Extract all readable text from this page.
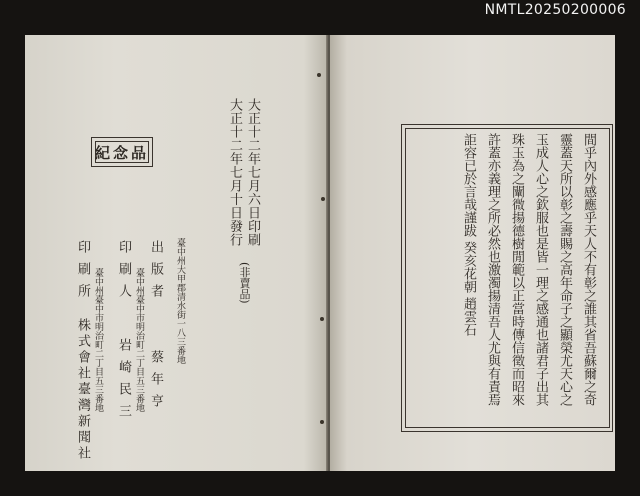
NMTL20250200006
紀念品	大正十二年七月六日印刷
大正十二年七月十日發行
(非賣品)
臺中州大甲郡清水街一八三番地
出版者
蔡年亨
臺中州臺中市明治町二丁目五三番地
印刷人
岩崎民三
臺中州臺中市明治町二丁目五三番地
印刷所
株式會社臺灣新聞社	間乎內外感應乎天人不有彰之誰其省吾蘇爾之奇
靈蓋天所以彰之壽賜之高年命子之顯榮尤天心之
玉成人心之欽服也是皆一理之感通也諸君子出其
珠玉為之闡微揚德樹閒範以正當時傳信徵而昭來
許蓋亦義理之所必然也激濁揚清吾人尤與有責焉
詎容已於言哉謹跋 癸亥花朝 趙雲石
